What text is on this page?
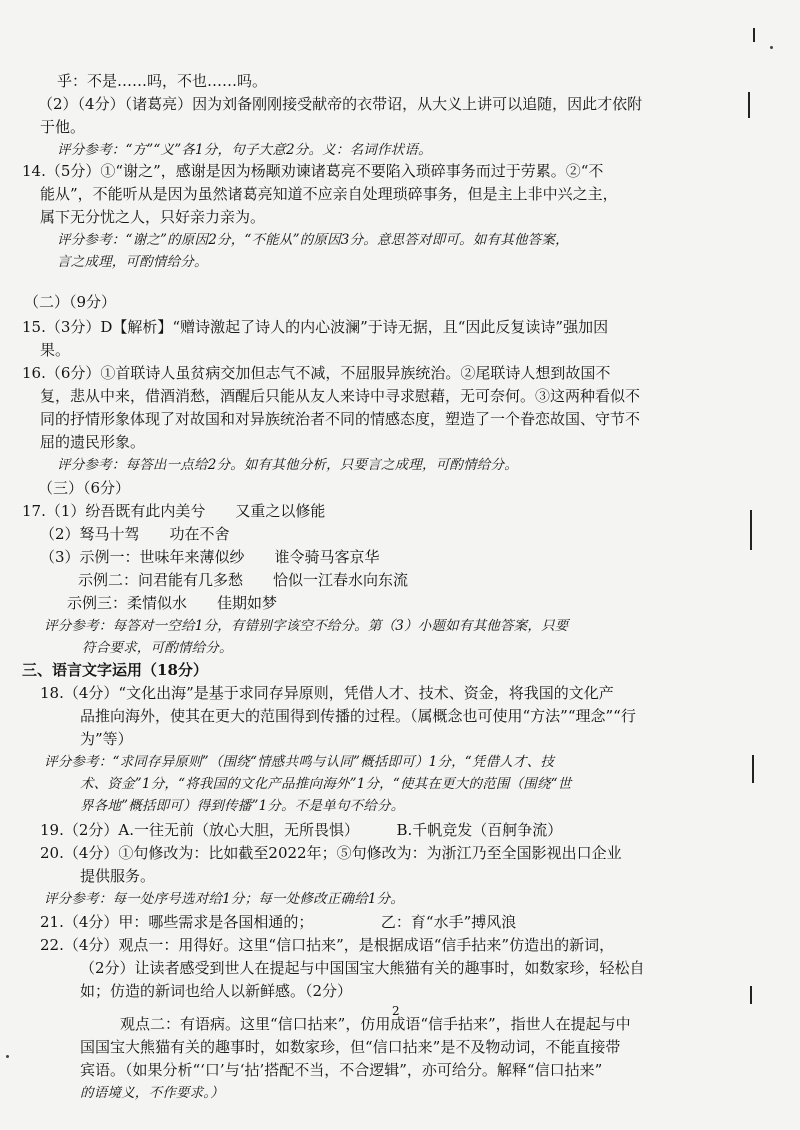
乎：不是……吗，不也……吗。
（2）（4分）（诸葛亮）因为刘备刚刚接受献帝的衣带诏，从大义上讲可以追随，因此才依附
于他。
评分参考：“方”“义”各1分，句子大意2分。义：名词作状语。
14.（5分）①“谢之”，感谢是因为杨颙劝谏诸葛亮不要陷入琐碎事务而过于劳累。②“不
能从”，不能听从是因为虽然诸葛亮知道不应亲自处理琐碎事务，但是主上非中兴之主，
属下无分忧之人，只好亲力亲为。
评分参考：“谢之”的原因2分，“不能从”的原因3分。意思答对即可。如有其他答案，
言之成理，可酌情给分。
（二）（9分）
15.（3分）D【解析】“赠诗激起了诗人的内心波澜”于诗无据，且“因此反复读诗”强加因
果。
16.（6分）①首联诗人虽贫病交加但志气不减，不屈服异族统治。②尾联诗人想到故国不
复，悲从中来，借酒消愁，酒醒后只能从友人来诗中寻求慰藉，无可奈何。③这两种看似不
同的抒情形象体现了对故国和对异族统治者不同的情感态度，塑造了一个眷恋故国、守节不
屈的遗民形象。
评分参考：每答出一点给2分。如有其他分析，只要言之成理，可酌情给分。
（三）（6分）
17.（1）纷吾既有此内美兮　　又重之以修能
（2）驽马十驾　　功在不舍
（3）示例一：世味年来薄似纱　　谁令骑马客京华
示例二：问君能有几多愁　　恰似一江春水向东流
示例三：柔情似水　　佳期如梦
评分参考：每答对一空给1分，有错别字该空不给分。第（3）小题如有其他答案，只要
符合要求，可酌情给分。
三、语言文字运用（18分）
18.（4分）“文化出海”是基于求同存异原则，凭借人才、技术、资金，将我国的文化产
品推向海外，使其在更大的范围得到传播的过程。（属概念也可使用“方法”“理念”“行
为”等）
评分参考：“求同存异原则”（围绕“情感共鸣与认同”概括即可）1分，“凭借人才、技
术、资金”1分，“将我国的文化产品推向海外”1分，“使其在更大的范围（围绕“世
界各地”概括即可）得到传播”1分。不是单句不给分。
19.（2分）A.一往无前（放心大胆，无所畏惧）　　　B.千帆竞发（百舸争流）
20.（4分）①句修改为：比如截至2022年；⑤句修改为：为浙江乃至全国影视出口企业
提供服务。
评分参考：每一处序号选对给1分；每一处修改正确给1分。
21.（4分）甲：哪些需求是各国相通的；　　　　　乙：育“水手”搏风浪
22.（4分）观点一：用得好。这里“信口拈来”，是根据成语“信手拈来”仿造出的新词，
（2分）让读者感受到世人在提起与中国国宝大熊猫有关的趣事时，如数家珍，轻松自
如；仿造的新词也给人以新鲜感。（2分）
观点二：有语病。这里“信口拈来”，仿用成语“信手拈来”，指世人在提起与中
国国宝大熊猫有关的趣事时，如数家珍，但“信口拈来”是不及物动词，不能直接带
宾语。（如果分析“‘口’与‘拈’搭配不当，不合逻辑”，亦可给分。解释“信口拈来”
的语境义，不作要求。）
2
